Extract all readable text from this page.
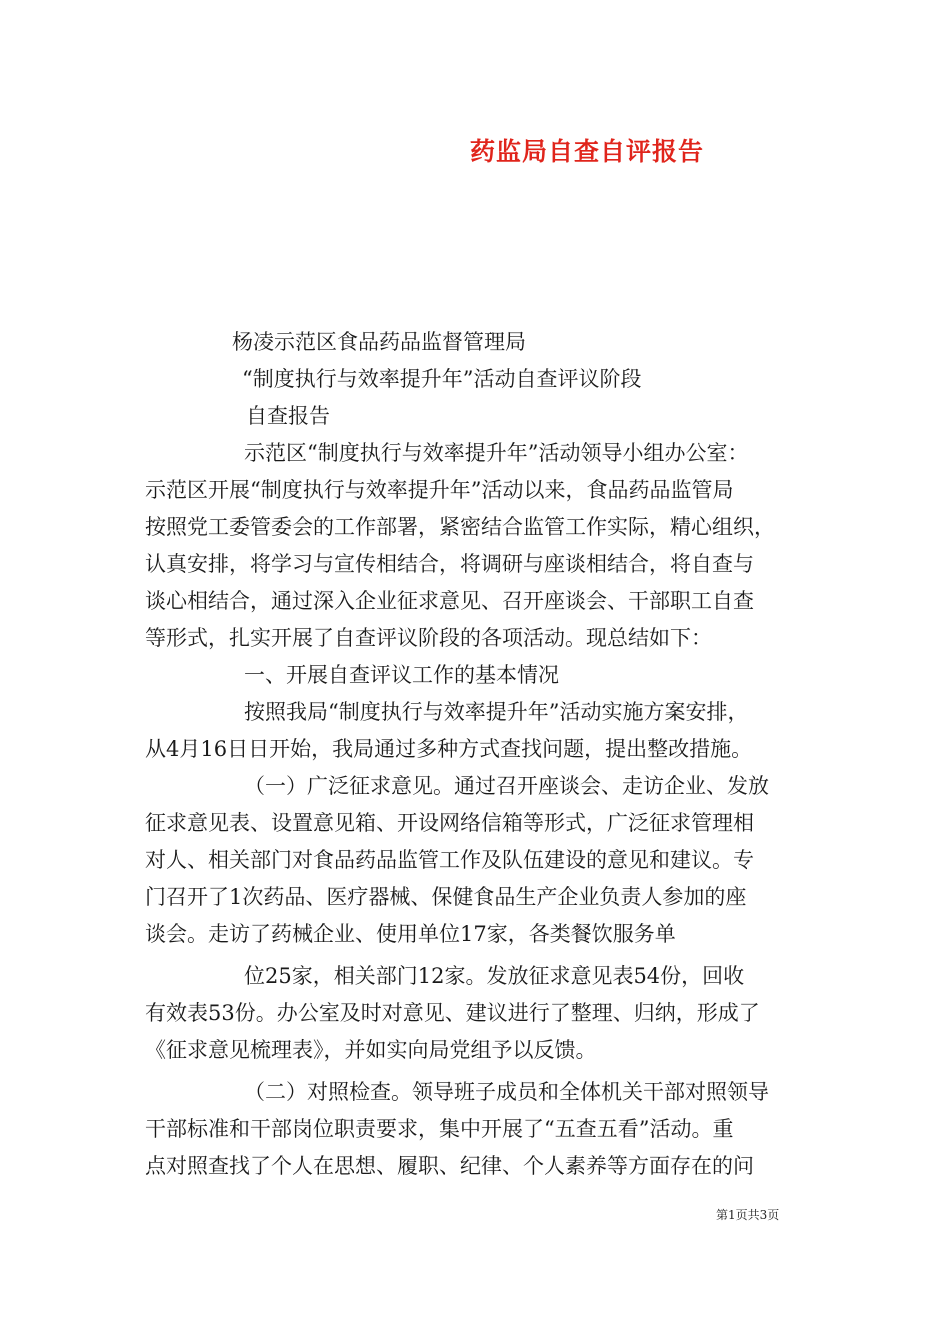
药监局自查自评报告
杨凌示范区食品药品监督管理局
“制度执行与效率提升年”活动自查评议阶段
自查报告
示范区“制度执行与效率提升年”活动领导小组办公室：
示范区开展“制度执行与效率提升年”活动以来，食品药品监管局
按照党工委管委会的工作部署，紧密结合监管工作实际，精心组织，
认真安排，将学习与宣传相结合，将调研与座谈相结合，将自查与
谈心相结合，通过深入企业征求意见、召开座谈会、干部职工自查
等形式，扎实开展了自查评议阶段的各项活动。现总结如下：
一、开展自查评议工作的基本情况
按照我局“制度执行与效率提升年”活动实施方案安排，
从4月16日日开始，我局通过多种方式查找问题，提出整改措施。
（一）广泛征求意见。通过召开座谈会、走访企业、发放
征求意见表、设置意见箱、开设网络信箱等形式，广泛征求管理相
对人、相关部门对食品药品监管工作及队伍建设的意见和建议。专
门召开了1次药品、医疗器械、保健食品生产企业负责人参加的座
谈会。走访了药械企业、使用单位17家，各类餐饮服务单
位25家，相关部门12家。发放征求意见表54份，回收
有效表53份。办公室及时对意见、建议进行了整理、归纳，形成了
《征求意见梳理表》，并如实向局党组予以反馈。
（二）对照检查。领导班子成员和全体机关干部对照领导
干部标准和干部岗位职责要求，集中开展了“五查五看”活动。重
点对照查找了个人在思想、履职、纪律、个人素养等方面存在的问
第1页共3页
